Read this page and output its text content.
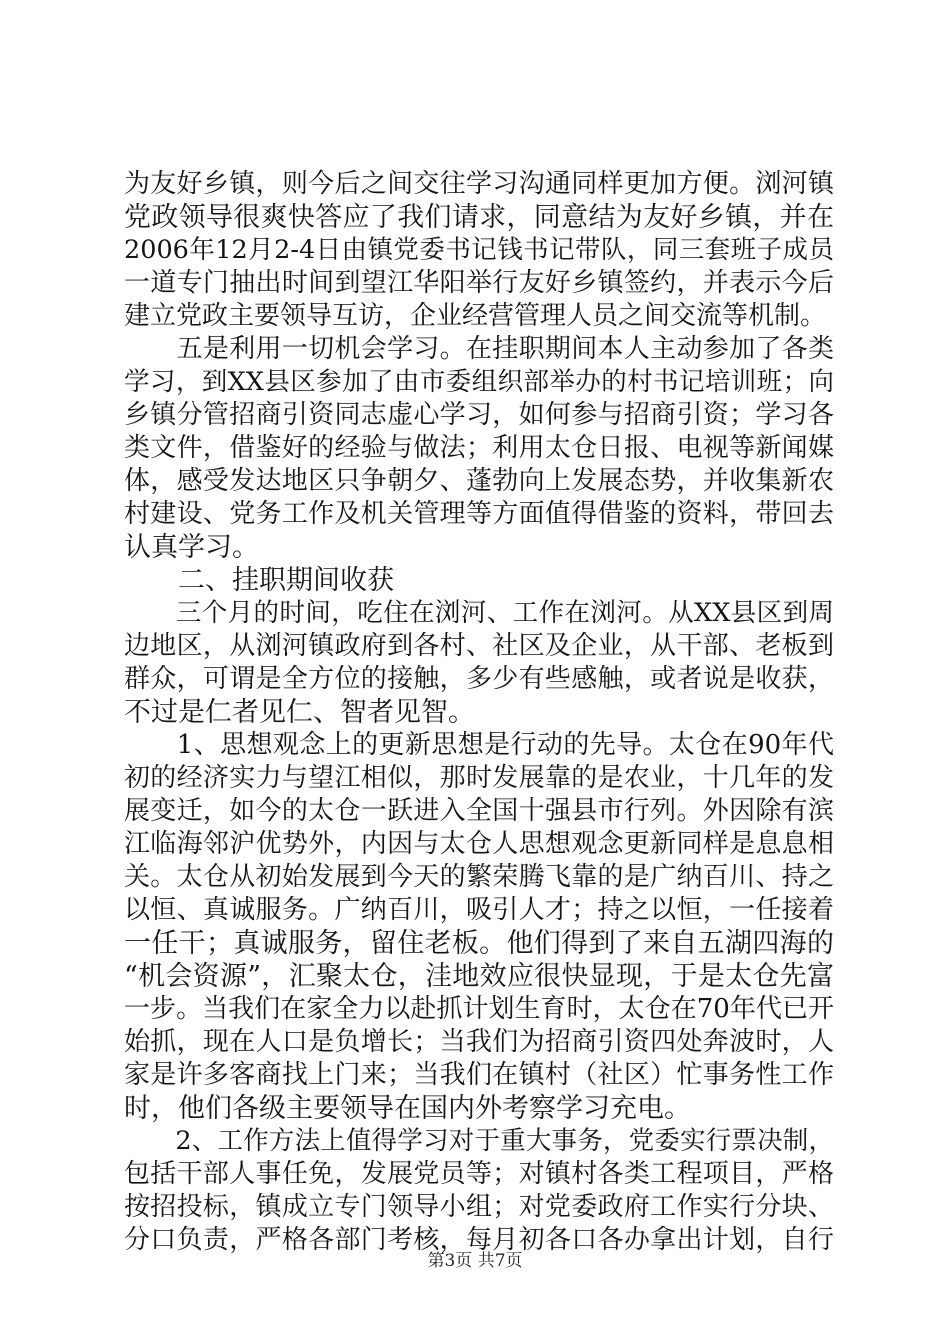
为友好乡镇，则今后之间交往学习沟通同样更加方便。浏河镇
党政领导很爽快答应了我们请求，同意结为友好乡镇，并在
2006年12月2-4日由镇党委书记钱书记带队，同三套班子成员
一道专门抽出时间到望江华阳举行友好乡镇签约，并表示今后
建立党政主要领导互访，企业经营管理人员之间交流等机制。
　　五是利用一切机会学习。在挂职期间本人主动参加了各类
学习，到XX县区参加了由市委组织部举办的村书记培训班；向
乡镇分管招商引资同志虚心学习，如何参与招商引资；学习各
类文件，借鉴好的经验与做法；利用太仓日报、电视等新闻媒
体，感受发达地区只争朝夕、蓬勃向上发展态势，并收集新农
村建设、党务工作及机关管理等方面值得借鉴的资料，带回去
认真学习。
　　二、挂职期间收获
　　三个月的时间，吃住在浏河、工作在浏河。从XX县区到周
边地区，从浏河镇政府到各村、社区及企业，从干部、老板到
群众，可谓是全方位的接触，多少有些感触，或者说是收获，
不过是仁者见仁、智者见智。
　　1、思想观念上的更新思想是行动的先导。太仓在90年代
初的经济实力与望江相似，那时发展靠的是农业，十几年的发
展变迁，如今的太仓一跃进入全国十强县市行列。外因除有滨
江临海邻沪优势外，内因与太仓人思想观念更新同样是息息相
关。太仓从初始发展到今天的繁荣腾飞靠的是广纳百川、持之
以恒、真诚服务。广纳百川，吸引人才；持之以恒，一任接着
一任干；真诚服务，留住老板。他们得到了来自五湖四海的
“机会资源”，汇聚太仓，洼地效应很快显现，于是太仓先富
一步。当我们在家全力以赴抓计划生育时，太仓在70年代已开
始抓，现在人口是负增长；当我们为招商引资四处奔波时，人
家是许多客商找上门来；当我们在镇村（社区）忙事务性工作
时，他们各级主要领导在国内外考察学习充电。
　　2、工作方法上值得学习对于重大事务，党委实行票决制，
包括干部人事任免，发展党员等；对镇村各类工程项目，严格
按招投标，镇成立专门领导小组；对党委政府工作实行分块、
分口负责，严格各部门考核，每月初各口各办拿出计划，自行
第3页 共7页
